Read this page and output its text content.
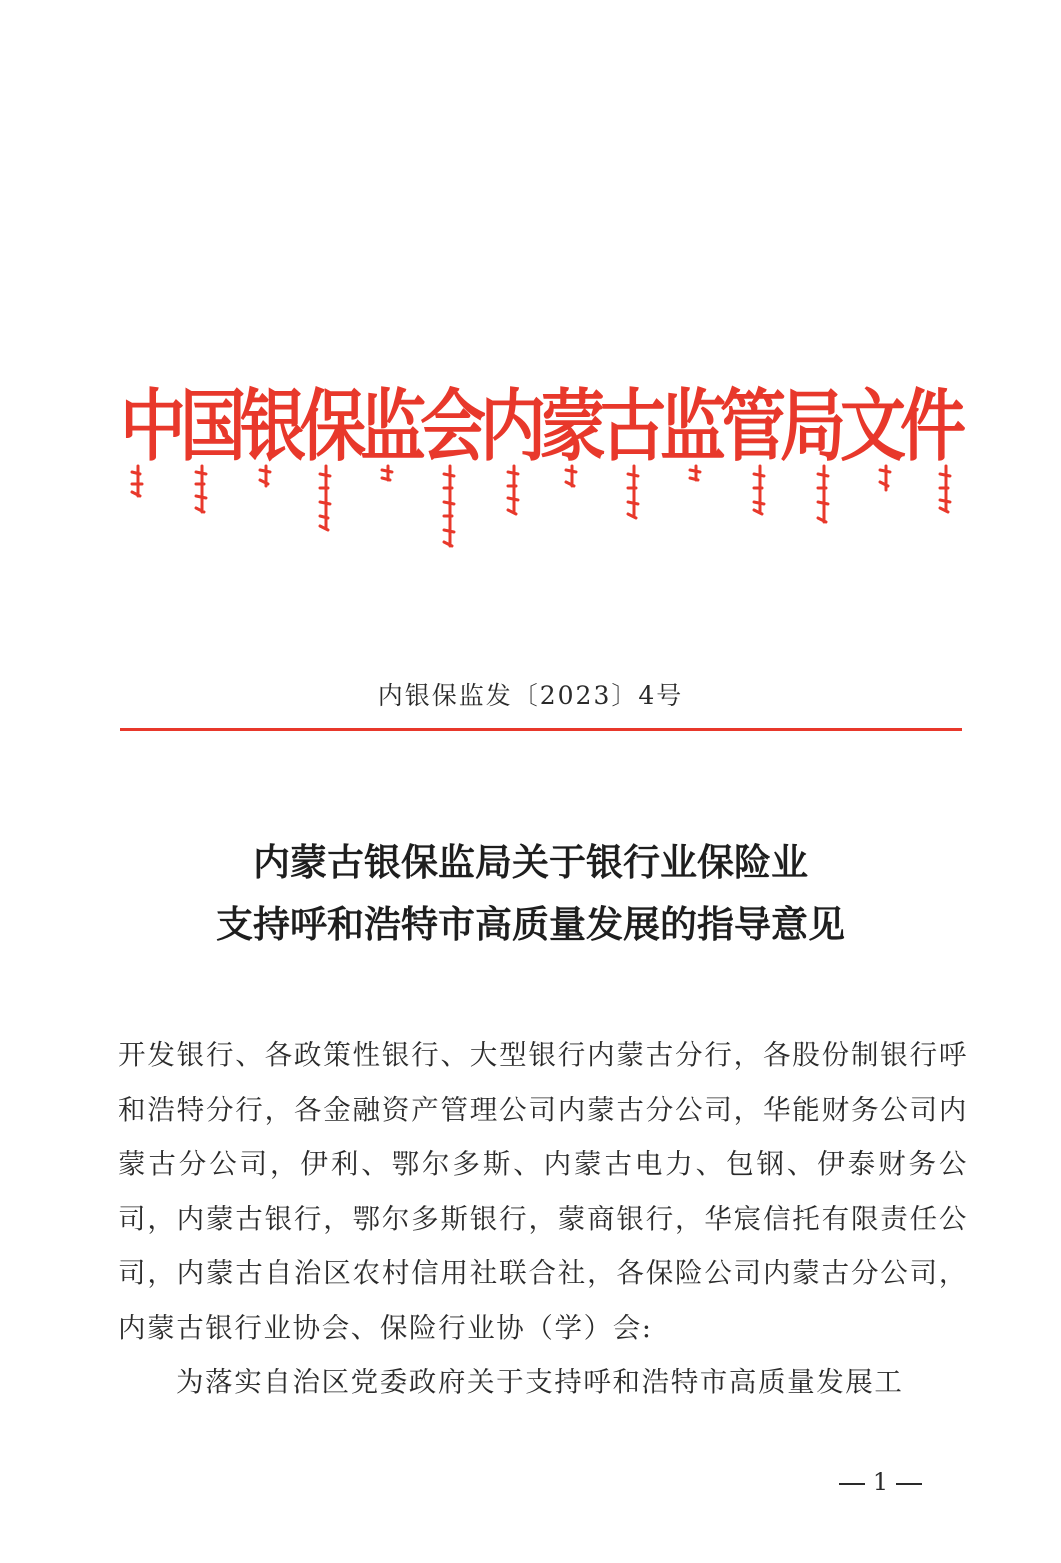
中国银保监会内蒙古监管局文件
内银保监发〔2023〕4号
内蒙古银保监局关于银行业保险业
支持呼和浩特市高质量发展的指导意见

开发银行、各政策性银行、大型银行内蒙古分行，各股份制银行呼和浩特分行，各金融资产管理公司内蒙古分公司，华能财务公司内蒙古分公司，伊利、鄂尔多斯、内蒙古电力、包钢、伊泰财务公司，内蒙古银行，鄂尔多斯银行，蒙商银行，华宸信托有限责任公司，内蒙古自治区农村信用社联合社，各保险公司内蒙古分公司，内蒙古银行业协会、保险行业协（学）会:

为落实自治区党委政府关于支持呼和浩特市高质量发展工

1
